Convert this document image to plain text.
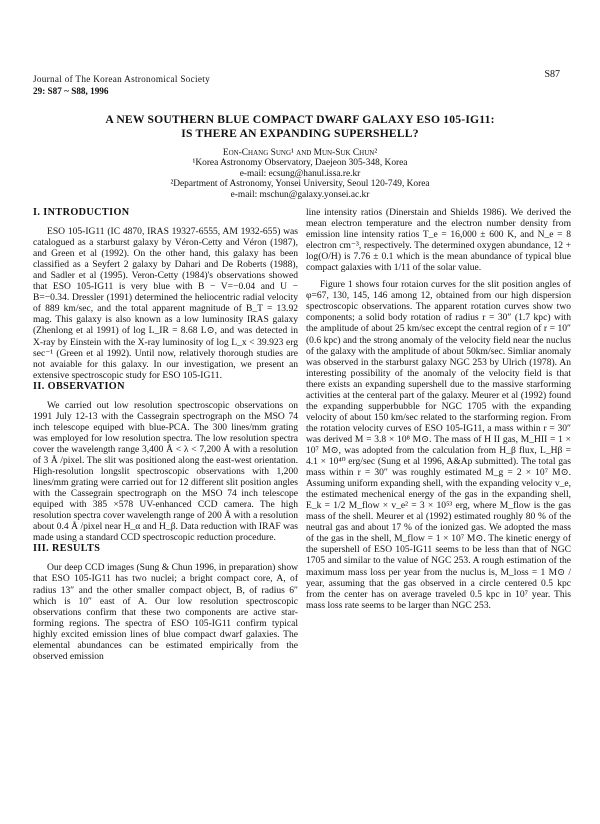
Journal of The Korean Astronomical Society
29: S87 ~ S88, 1996
S87
A NEW SOUTHERN BLUE COMPACT DWARF GALAXY ESO 105-IG11:
IS THERE AN EXPANDING SUPERSHELL?
Eon-Chang Sung¹ and Mun-Suk Chun²
¹Korea Astronomy Observatory, Daejeon 305-348, Korea
e-mail: ecsung@hanul.issa.re.kr
²Department of Astronomy, Yonsei University, Seoul 120-749, Korea
e-mail: mschun@galaxy.yonsei.ac.kr
I. INTRODUCTION

ESO 105-IG11 (IC 4870, IRAS 19327-6555, AM 1932-655) was catalogued as a starburst galaxy by Véron-Cetty and Véron (1987), and Green et al (1992). On the other hand, this galaxy has been classified as a Seyfert 2 galaxy by Dahari and De Roberts (1988), and Sadler et al (1995). Veron-Cetty (1984)'s observations showed that ESO 105-IG11 is very blue with B − V=−0.04 and U − B=−0.34. Dressler (1991) determined the heliocentric radial velocity of 889 km/sec, and the total apparent magnitude of B_T = 13.92 mag. This galaxy is also known as a low luminosity IRAS galaxy (Zhenlong et al 1991) of log L_IR = 8.68 L⊙, and was detected in X-ray by Einstein with the X-ray luminosity of log L_x < 39.923 erg sec⁻¹ (Green et al 1992). Until now, relatively thorough studies are not avaiable for this galaxy. In our investigation, we present an extensive spectroscopic study for ESO 105-IG11.

II. OBSERVATION

We carried out low resolution spectroscopic observations on 1991 July 12-13 with the Cassegrain spectrograph on the MSO 74 inch telescope equiped with blue-PCA. The 300 lines/mm grating was employed for low resolution spectra. The low resolution spectra cover the wavelength range 3,400 Å < λ < 7,200 Å with a resolution of 3 Å /pixel. The slit was positioned along the east-west orientation. High-resolution longslit spectroscopic observations with 1,200 lines/mm grating were carried out for 12 different slit position angles with the Cassegrain spectrograph on the MSO 74 inch telescope equiped with 385 ×578 UV-enhanced CCD camera. The high resolution spectra cover wavelength range of 200 Å with a resolution about 0.4 Å /pixel near H_α and H_β. Data reduction with IRAF was made using a standard CCD spectroscopic reduction procedure.

III. RESULTS

Our deep CCD images (Sung & Chun 1996, in preparation) show that ESO 105-IG11 has two nuclei; a bright compact core, A, of radius 13″ and the other smaller compact object, B, of radius 6″ which is 10″ east of A. Our low resolution spectroscopic observations confirm that these two components are active star-forming regions. The spectra of ESO 105-IG11 confirm typical highly excited emission lines of blue compact dwarf galaxies. The elemental abundances can be estimated empirically from the observed emission

line intensity ratios (Dinerstain and Shields 1986). We derived the mean electron temperature and the electron number density from emission line intensity ratios T_e = 16,000 ± 600 K, and N_e = 8 electron cm⁻³, respectively. The determined oxygen abundance, 12 + log(O/H) is 7.76 ± 0.1 which is the mean abundance of typical blue compact galaxies with 1/11 of the solar value.

Figure 1 shows four rotaion curves for the slit position angles of φ=67, 130, 145, 146 among 12, obtained from our high dispersion spectroscopic observations. The apparent rotation curves show two components; a solid body rotation of radius r = 30″ (1.7 kpc) with the amplitude of about 25 km/sec except the central region of r = 10″ (0.6 kpc) and the strong anomaly of the velocity field near the nuclus of the galaxy with the amplitude of about 50km/sec. Simliar anomaly was observed in the starburst galaxy NGC 253 by Ulrich (1978). An interesting possibility of the anomaly of the velocity field is that there exists an expanding supershell due to the massive starforming activities at the centeral part of the galaxy. Meurer et al (1992) found the expanding supperbubble for NGC 1705 with the expanding velocity of about 150 km/sec related to the starforming region. From the rotation velocity curves of ESO 105-IG11, a mass within r = 30″ was derived M = 3.8 × 10⁸ M⊙. The mass of H II gas, M_HII = 1 × 10⁷ M⊙, was adopted from the calculation from H_β flux, L_Hβ = 4.1 × 10⁴⁰ erg/sec (Sung et al 1996, A&Ap submitted). The total gas mass within r = 30″ was roughly estimated M_g = 2 × 10⁷ M⊙. Assuming uniform expanding shell, with the expanding velocity v_e, the estimated mechenical energy of the gas in the expanding shell, E_k = 1/2 M_flow × v_e² = 3 × 10⁵³ erg, where M_flow is the gas mass of the shell. Meurer et al (1992) estimated roughly 80 % of the neutral gas and about 17 % of the ionized gas. We adopted the mass of the gas in the shell, M_flow = 1 × 10⁷ M⊙. The kinetic energy of the supershell of ESO 105-IG11 seems to be less than that of NGC 1705 and similar to the value of NGC 253. A rough estimation of the maximum mass loss per year from the nuclus is, M_loss = 1 M⊙ / year, assuming that the gas observed in a circle centered 0.5 kpc from the center has on average traveled 0.5 kpc in 10⁷ year. This mass loss rate seems to be larger than NGC 253.
